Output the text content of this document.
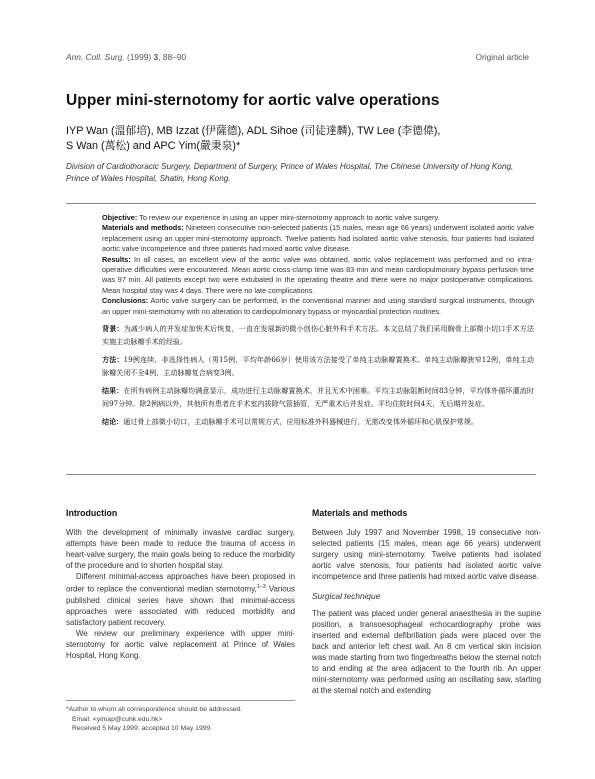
Ann. Coll. Surg. (1999) 3, 88–90	Original article
Upper mini-sternotomy for aortic valve operations
IYP Wan (溫郁培), MB Izzat (伊薩德), ADL Sihoe (司徒達麟), TW Lee (李德偉),
S Wan (萬松) and APC Yim(嚴秉泉)*
Division of Cardiothoracic Surgery, Department of Surgery, Prince of Wales Hospital, The Chinese University of Hong Kong, Prince of Wales Hospital, Shatin, Hong Kong.

Objective: To review our experience in using an upper mini-sternotomy approach to aortic valve surgery.

Materials and methods: Nineteen consecutive non-selected patients (15 males, mean age 66 years) underwent isolated aortic valve replacement using an upper mini-sternotomy approach. Twelve patients had isolated aortic valve stenosis, four patients had isolated aortic valve incompetence and three patients had mixed aortic valve disease.

Results: In all cases, an excellent view of the aortic valve was obtained, aortic valve replacement was performed and no intra-operative difficulties were encountered. Mean aortic cross-clamp time was 83 min and mean cardiopulmonary bypass perfusion time was 97 min. All patients except two were extubated in the operating theatre and there were no major postoperative complications. Mean hospital stay was 4 days. There were no late complications.

Conclusions: Aortic valve surgery can be performed, in the conventional manner and using standard surgical instruments, through an upper mini-sternotomy with no alteration to cardiopulmonary bypass or myocardial protection routines.

背景：为减少病人的并发症加快术后恢复，一直在发展新的微小创伤心脏外科手术方法。本文总结了我们采用胸骨上部微小切口手术方法实施主动脉瓣手术的经验。

方法：19例连续、非选择性病人（男15例，平均年龄66岁）使用该方法接受了单纯主动脉瓣置换术。单纯主动脉瓣狭窄12例，单纯主动脉瓣关闭不全4例，主动脉瓣复合病变3例。

结果：在所有病例主动脉瓣均满意显示，成功进行主动脉瓣置换术，并且无术中困难。平均主动脉阻断时间83分钟，平均体外循环灌流时间97分钟。除2例病以外，其他所有患者在手术室内拔除气管插管，无严重术后并发症。平均住院时间4天，无后期并发症。

结论：通过骨上部微小切口，主动脉瓣手术可以常规方式，应用标准外科器械进行，无需改变体外循环和心肌保护常规。

Introduction

With the development of minimally invasive cardiac surgery, attempts have been made to reduce the trauma of access in heart-valve surgery, the main goals being to reduce the morbidity of the procedure and to shorten hospital stay.

Different minimal-access approaches have been proposed in order to replace the conventional median sternotomy,$^{1-3}$ Various published clinical series have shown that minimal-access approaches were associated with reduced morbidity and satisfactory patient recovery.

We review our preliminary experience with upper mini-sternotomy for aortic valve replacement at Prince of Wales Hospital, Hong Kong.

*Author to whom all correspondence should be addressed.
Email: <yimap@cuhk.edu.hk>
Received 5 May 1999; accepted 10 May 1999.
Materials and methods

Between July 1997 and November 1998, 19 consecutive non-selected patients (15 males, mean age 66 years) underwent surgery using mini-sternotomy. Twelve patients had isolated aortic valve stenosis, four patients had isolated aortic valve incompetence and three patients had mixed aortic valve disease.

Surgical technique

The patient was placed under general anaesthesia in the supine position, a transoesophageal echocardiography probe was inserted and external defibrillation pads were placed over the back and anterior left chest wall. An 8 cm vertical skin incision was made starting from two fingerbreaths below the sternal notch to and ending at the area adjacent to the fourth rib. An upper mini-sternotomy was performed using an oscillating saw, starting at the sternal notch and extending
